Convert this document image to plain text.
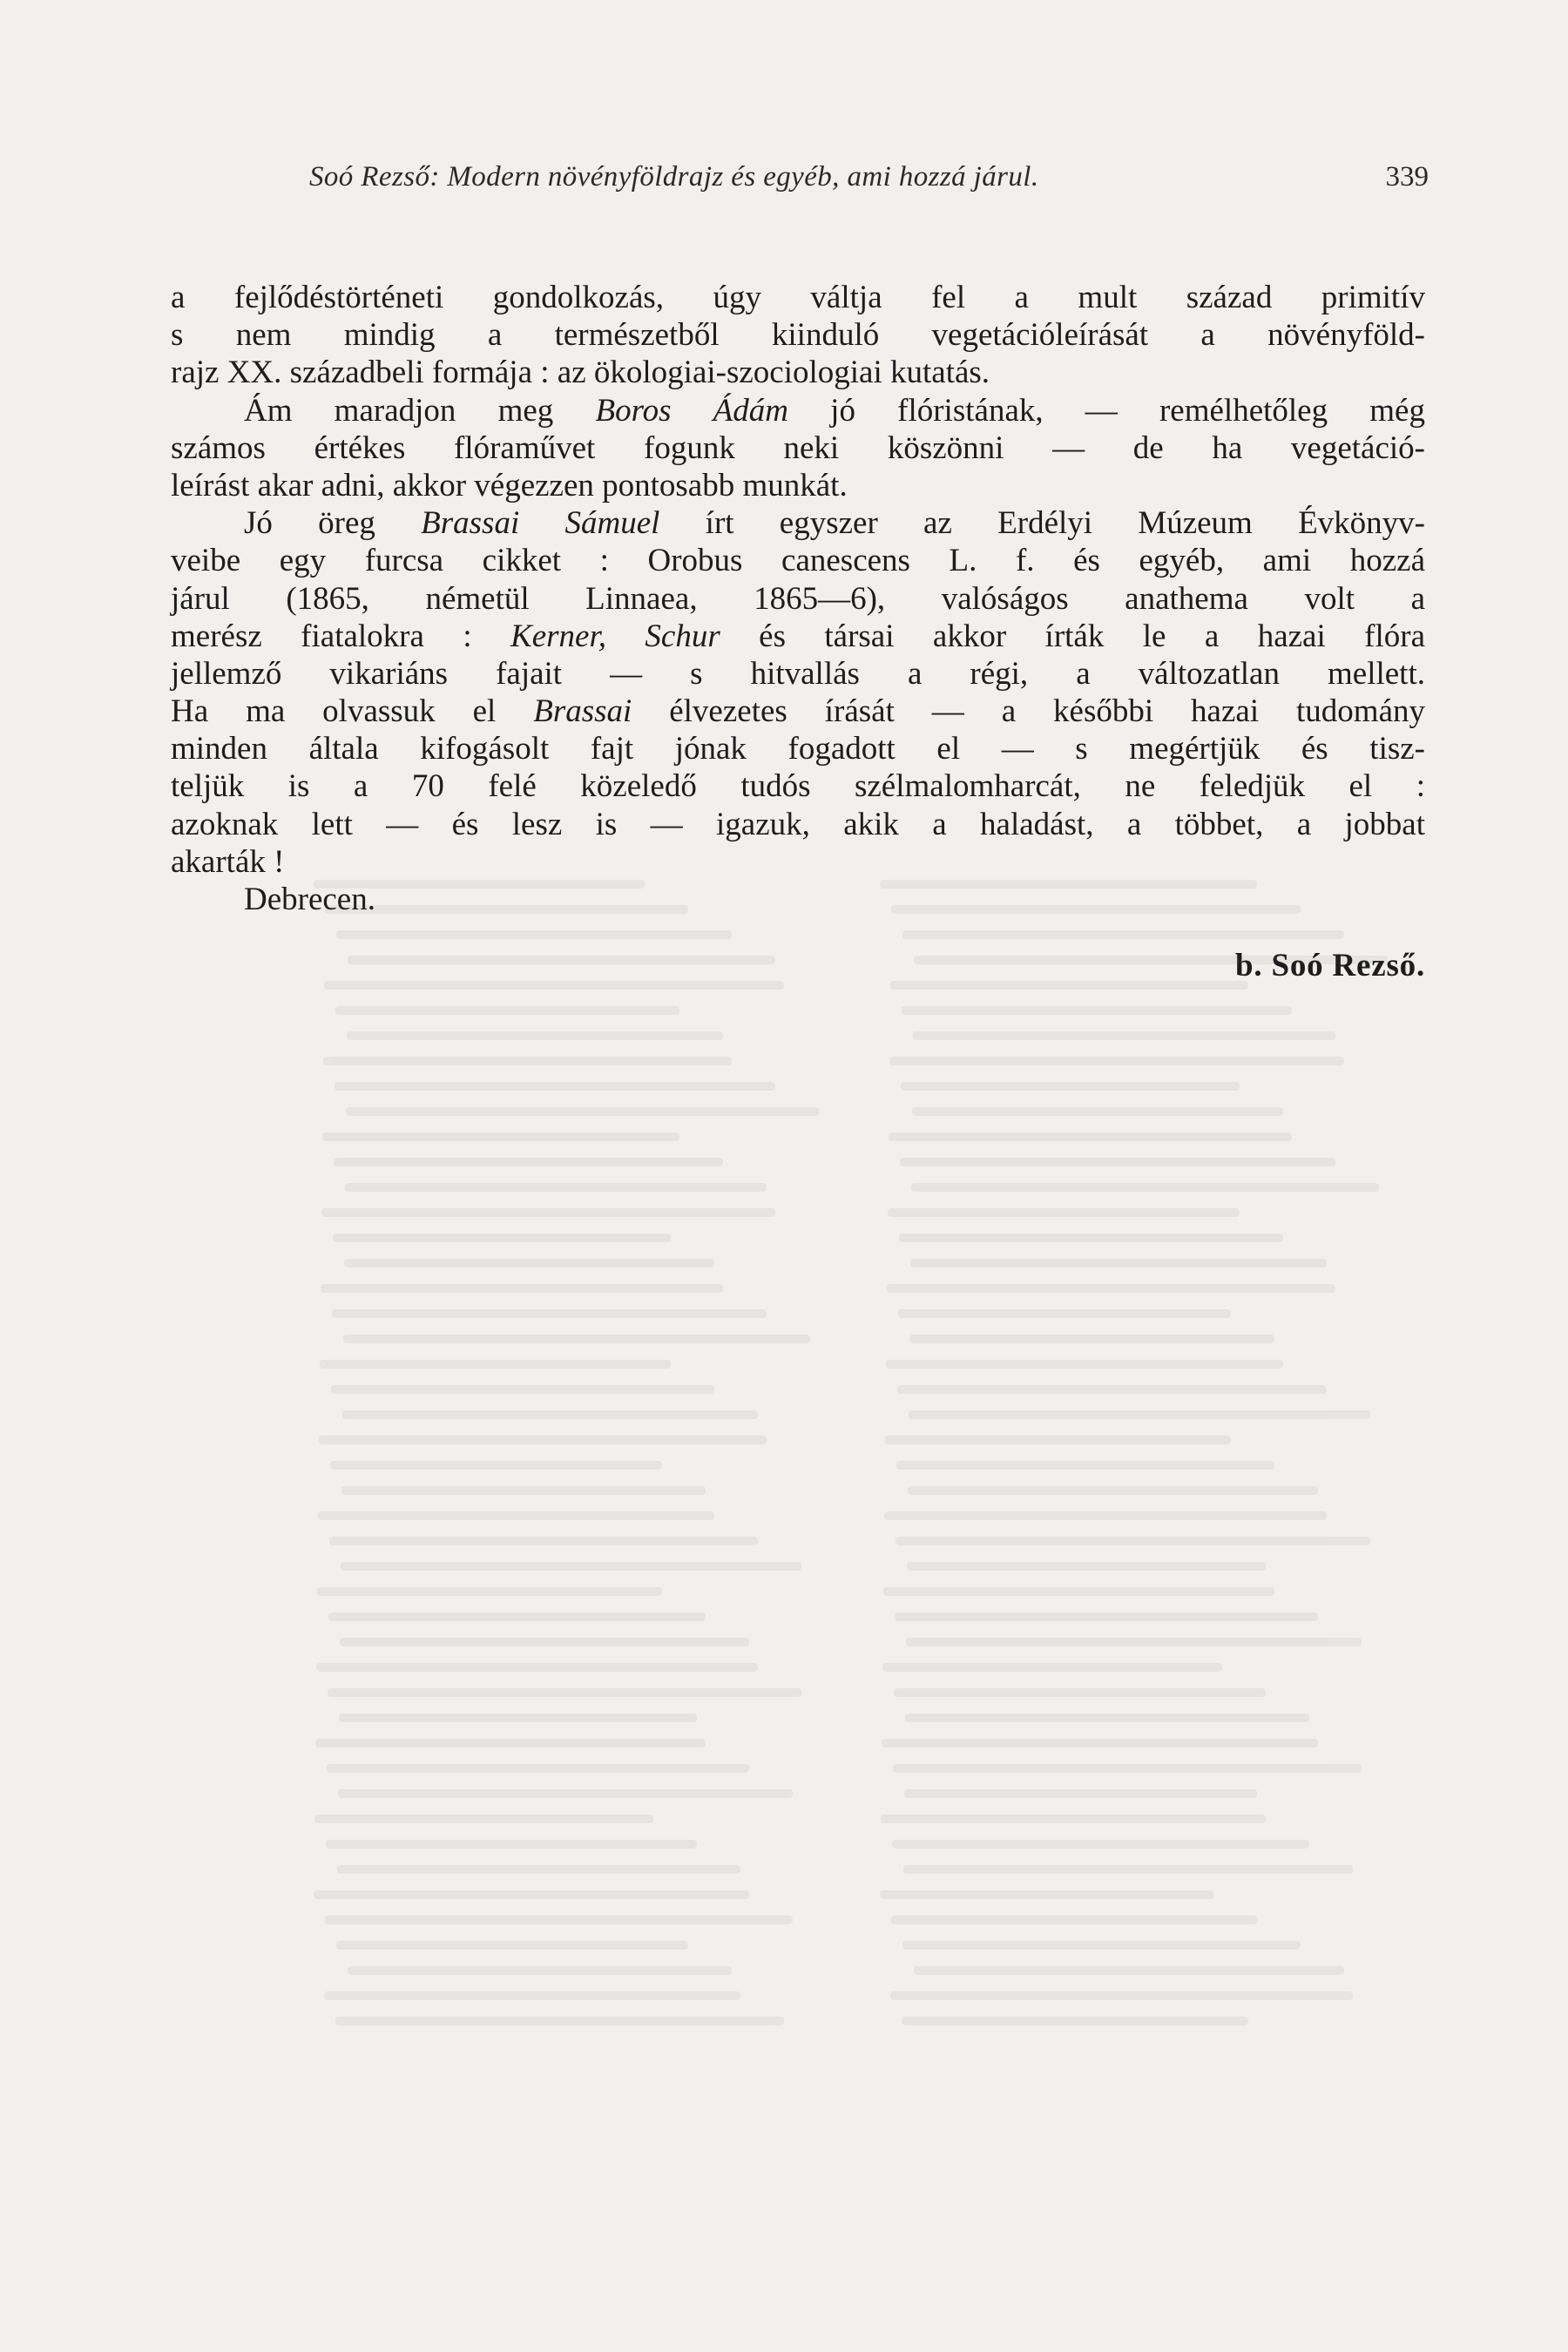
Soó Rezső: Modern növényföldrajz és egyéb, ami hozzá járul.	339
a fejlődéstörténeti gondolkozás, úgy váltja fel a mult század primitív
s nem mindig a természetből kiinduló vegetációleírását a növényföld-
rajz XX. századbeli formája : az ökologiai-szociologiai kutatás.
Ám maradjon meg Boros Ádám jó flóristának, — remélhetőleg még
számos értékes flóraművet fogunk neki köszönni — de ha vegetáció-
leírást akar adni, akkor végezzen pontosabb munkát.
Jó öreg Brassai Sámuel írt egyszer az Erdélyi Múzeum Évkönyv-
veibe egy furcsa cikket : Orobus canescens L. f. és egyéb, ami hozzá
járul (1865, németül Linnaea, 1865—6), valóságos anathema volt a
merész fiatalokra : Kerner, Schur és társai akkor írták le a hazai flóra
jellemző vikariáns fajait — s hitvallás a régi, a változatlan mellett.
Ha ma olvassuk el Brassai élvezetes írását — a későbbi hazai tudomány
minden általa kifogásolt fajt jónak fogadott el — s megértjük és tisz-
teljük is a 70 felé közeledő tudós szélmalomharcát, ne feledjük el :
azoknak lett — és lesz is — igazuk, akik a haladást, a többet, a jobbat
akarták !
Debrecen.
b. Soó Rezső.
